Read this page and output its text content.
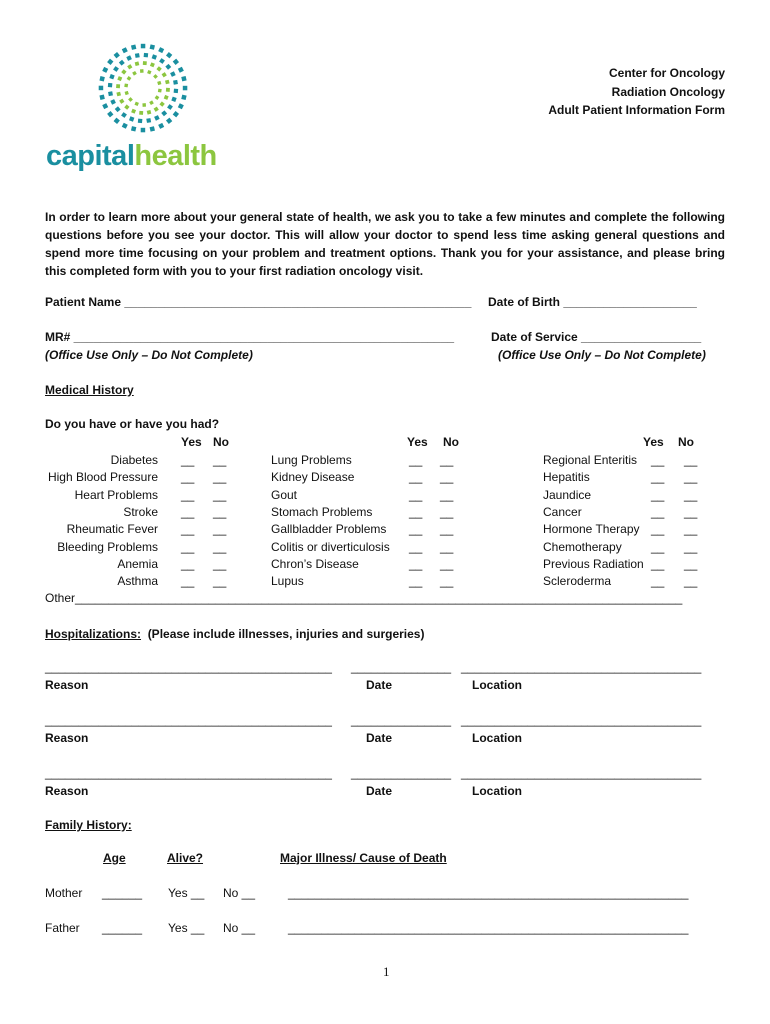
capitalhealth
Center for Oncology
Radiation Oncology
Adult Patient Information Form
In order to learn more about your general state of health, we ask you to take a few minutes and complete the following questions before you see your doctor. This will allow your doctor to spend less time asking general questions and spend more time focusing on your problem and treatment options. Thank you for your assistance, and please bring this completed form with you to your first radiation oncology visit.
Patient Name ____________________________________________________ Date of Birth ____________________
MR# _________________________________________________________	Date of Service __________________
(Office Use Only – Do Not Complete)	(Office Use Only – Do Not Complete)
Medical History
Do you have or have you had?
Yes No	Yes No	Yes No
Diabetes __ __	Lung Problems	__ __	Regional Enteritis __ __
High Blood Pressure __ __	Kidney Disease	__ __	Hepatitis	__ __
Heart Problems __ __	Gout	__ __	Jaundice	__ __
Stroke __ __	Stomach Problems	__ __	Cancer	__ __
Rheumatic Fever __ __	Gallbladder Problems __ __	Hormone Therapy __ __
Bleeding Problems __ __	Colitis or diverticulosis __ __	Chemotherapy __ __
Anemia __ __	Chron’s Disease	__ __	Previous Radiation __ __
Asthma __ __	Lupus	__ __	Scleroderma	__ __
Other___________________________________________________________________________________________
Hospitalizations: (Please include illnesses, injuries and surgeries)
___________________________________________ _______________ ____________________________________
Reason	Date	Location
___________________________________________ _______________ ____________________________________
Reason	Date	Location
___________________________________________ _______________ ____________________________________
Reason	Date	Location
Family History:
Age	Alive?	Major Illness/ Cause of Death
Mother ______ Yes __ No __	____________________________________________________________
Father ______ Yes __ No __	____________________________________________________________
1
